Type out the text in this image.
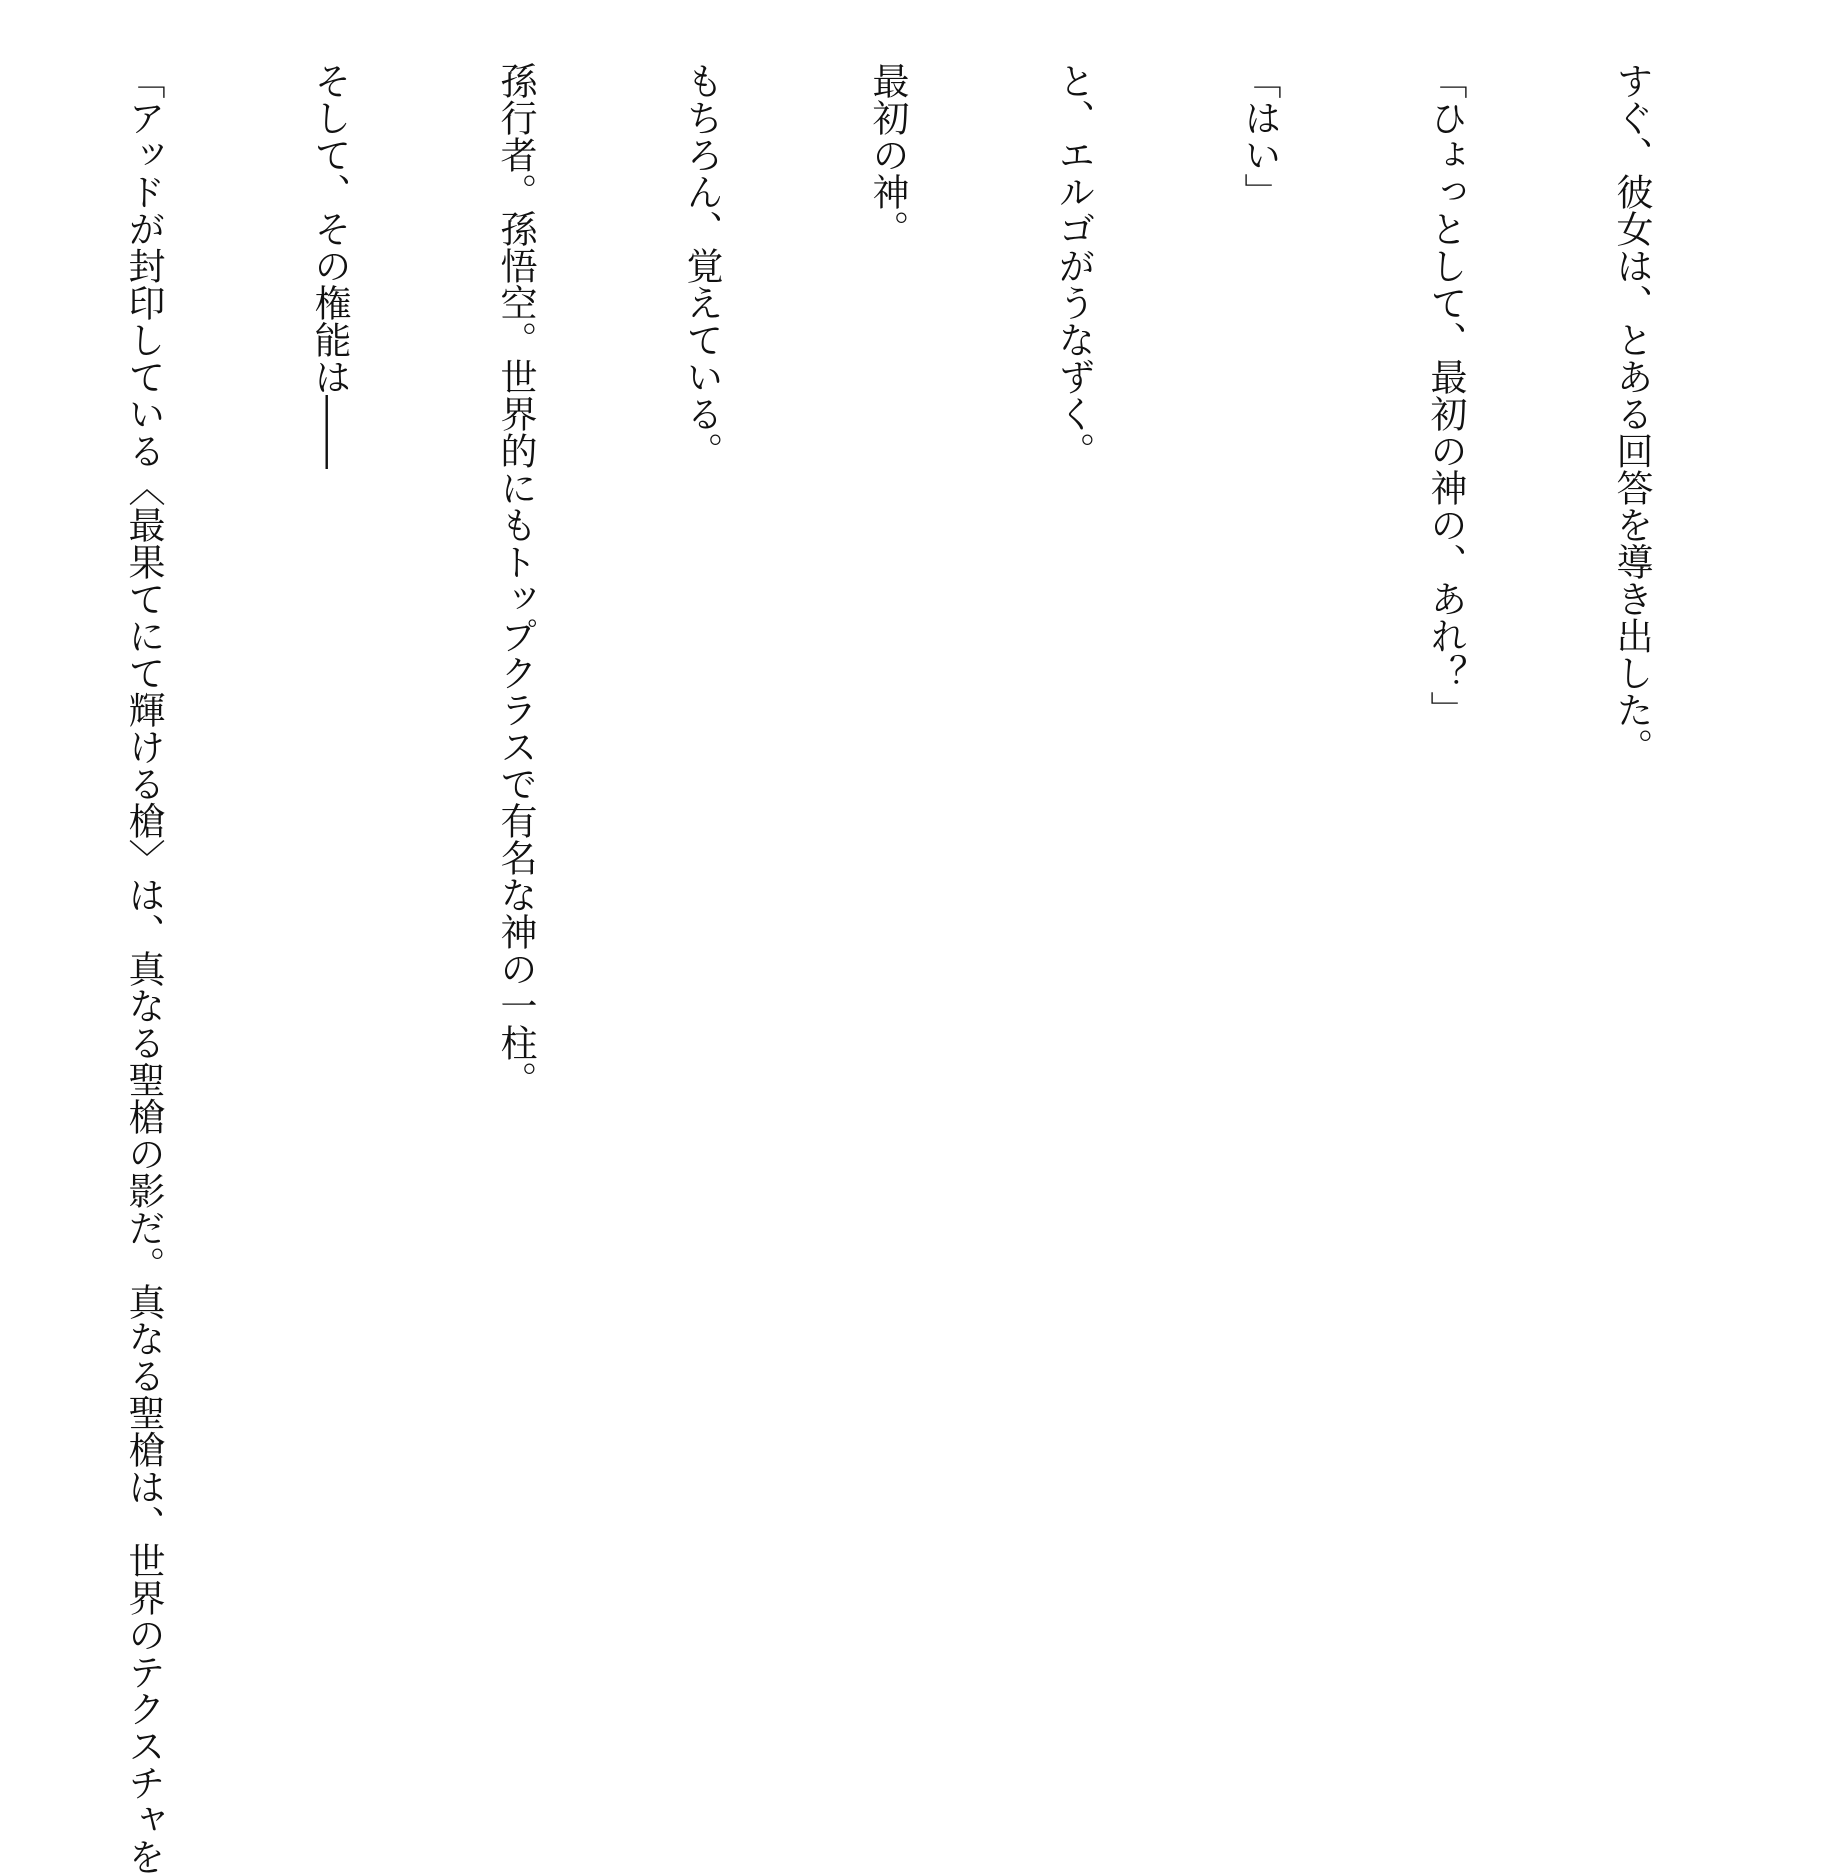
すぐ、彼女は、とある回答を導き出した。

「ひょっとして、最初の神の、あれ？」

「はい」

と、エルゴがうなずく。

最初の神。

もちろん、覚えている。

孫行者。孫悟空。世界的にもトップクラスで有名な神の一柱。

そして、その権能は――

「アッドが封印している〈最果てにて輝ける槍〉は、真なる聖槍の影だ。真なる聖槍は、世界のテクスチャを
